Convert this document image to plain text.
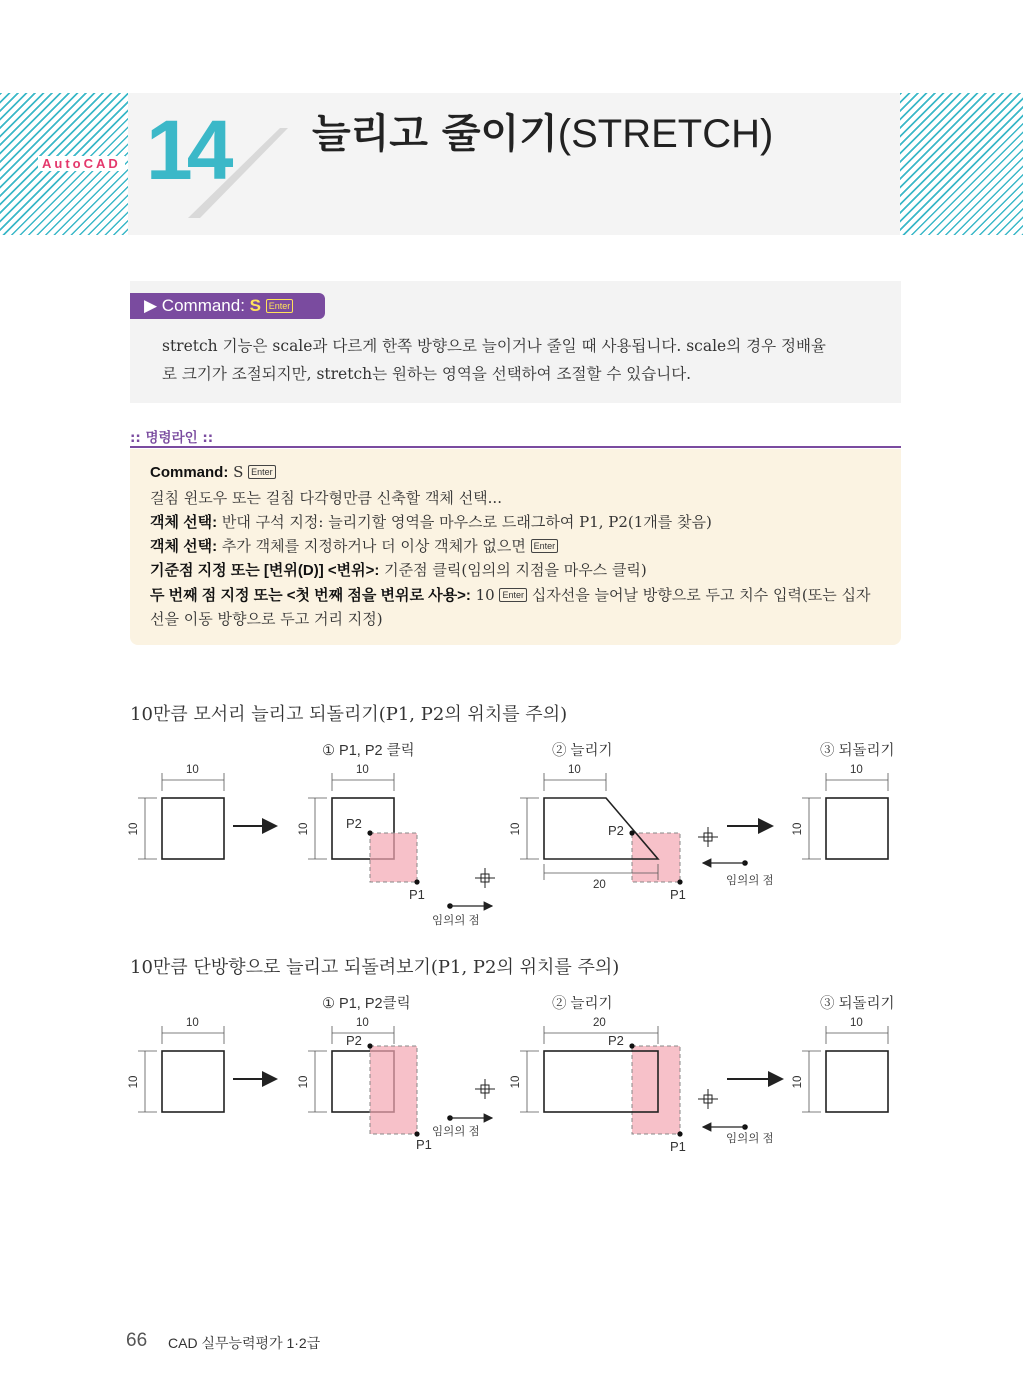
AutoCAD 14 늘리고 줄이기(STRETCH)
▶ Command: S Enter
stretch 기능은 scale과 다르게 한쪽 방향으로 늘이거나 줄일 때 사용됩니다. scale의 경우 정배율
로 크기가 조절되지만, stretch는 원하는 영역을 선택하여 조절할 수 있습니다.
:: 명령라인 ::
Command: S Enter
걸침 윈도우 또는 걸침 다각형만큼 신축할 객체 선택...
객체 선택: 반대 구석 지정: 늘리기할 영역을 마우스로 드래그하여 P1, P2(1개를 찾음)
객체 선택: 추가 객체를 지정하거나 더 이상 객체가 없으면 Enter
기준점 지정 또는 [변위(D)] <변위>: 기준점 클릭(임의의 지점을 마우스 클릭)
두 번째 점 지정 또는 <첫 번째 점을 변위로 사용>: 10 Enter 십자선을 늘어날 방향으로 두고 치수 입력(또는 십자
선을 이동 방향으로 두고 거리 지정)
10만큼 모서리 늘리고 되돌리기(P1, P2의 위치를 주의)
① P1, P2 클릭	② 늘리기	③ 되돌리기
10
10
10
10	P2
P1
임의의 점
10
10
20
P2
P1
임의의 점
10
10
10만큼 단방향으로 늘리고 되돌려보기(P1, P2의 위치를 주의)
① P1, P2클릭	② 늘리기	③ 되돌리기
10
10
10
10
P2
P1
임의의 점
20
10
P2
P1	임의의 점
10
10
66 CAD 실무능력평가 1·2급
